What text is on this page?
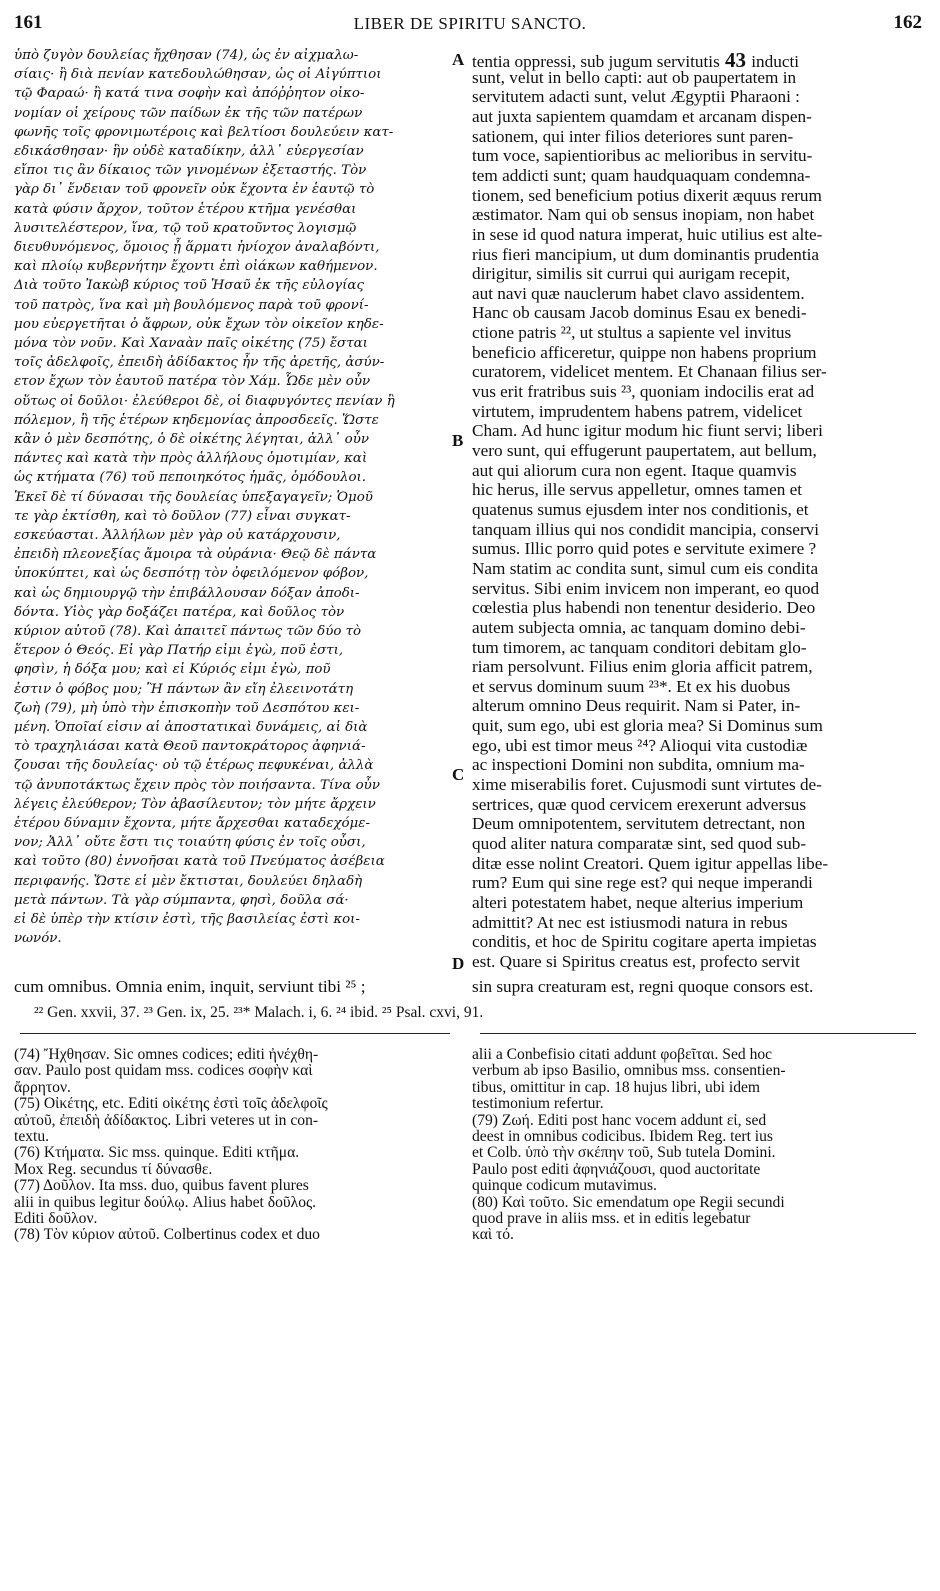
161	LIBER DE SPIRITU SANCTO.	162
ὑπὸ ζυγὸν δουλείας ἤχθησαν (74), ὡς ἐν αἰχμαλω-
σίαις· ἢ διὰ πενίαν κατεδουλώθησαν, ὡς οἱ Αἰγύπτιοι
τῷ Φαραώ· ἢ κατά τινα σοφὴν καὶ ἀπόῤῥητον οἰκο-
νομίαν οἱ χείρους τῶν παίδων ἐκ τῆς τῶν πατέρων
φωνῆς τοῖς φρονιμωτέροις καὶ βελτίοσι δουλεύειν κατ-
εδικάσθησαν· ἣν οὐδὲ καταδίκην, ἀλλ᾽ εὐεργεσίαν
εἴποι τις ἂν δίκαιος τῶν γινομένων ἐξεταστής. Τὸν
γὰρ δι᾽ ἔνδειαν τοῦ φρονεῖν οὐκ ἔχοντα ἐν ἑαυτῷ τὸ
κατὰ φύσιν ἄρχον, τοῦτον ἑτέρου κτῆμα γενέσθαι
λυσιτελέστερον, ἵνα, τῷ τοῦ κρατοῦντος λογισμῷ
διευθυνόμενος, ὅμοιος ᾖ ἅρματι ἡνίοχον ἀναλαβόντι,
καὶ πλοίῳ κυβερνήτην ἔχοντι ἐπὶ οἰάκων καθήμενον.
Διὰ τοῦτο Ἰακὼβ κύριος τοῦ Ἡσαῦ ἐκ τῆς εὐλογίας
τοῦ πατρὸς, ἵνα καὶ μὴ βουλόμενος παρὰ τοῦ φρονί-
μου εὐεργετῆται ὁ ἄφρων, οὐκ ἔχων τὸν οἰκεῖον κηδε-
μόνα τὸν νοῦν. Καὶ Χαναὰν παῖς οἰκέτης (75) ἔσται
τοῖς ἀδελφοῖς, ἐπειδὴ ἀδίδακτος ἦν τῆς ἀρετῆς, ἀσύν-
ετον ἔχων τὸν ἑαυτοῦ πατέρα τὸν Χάμ. Ὧδε μὲν οὖν
οὕτως οἱ δοῦλοι· ἐλεύθεροι δὲ, οἱ διαφυγόντες πενίαν ἢ
πόλεμον, ἢ τῆς ἑτέρων κηδεμονίας ἀπροσδεεῖς. Ὥστε
κἂν ὁ μὲν δεσπότης, ὁ δὲ οἰκέτης λέγηται, ἀλλ᾽ οὖν
πάντες καὶ κατὰ τὴν πρὸς ἀλλήλους ὁμοτιμίαν, καὶ
ὡς κτήματα (76) τοῦ πεποιηκότος ἡμᾶς, ὁμόδουλοι.
Ἐκεῖ δὲ τί δύνασαι τῆς δουλείας ὑπεξαγαγεῖν; Ὁμοῦ
τε γὰρ ἐκτίσθη, καὶ τὸ δοῦλον (77) εἶναι συγκατ-
εσκεύασται. Ἀλλήλων μὲν γὰρ οὐ κατάρχουσιν,
ἐπειδὴ πλεονεξίας ἄμοιρα τὰ οὐράνια· Θεῷ δὲ πάντα
ὑποκύπτει, καὶ ὡς δεσπότῃ τὸν ὀφειλόμενον φόβον,
καὶ ὡς δημιουργῷ τὴν ἐπιβάλλουσαν δόξαν ἀποδι-
δόντα. Υἱὸς γὰρ δοξάζει πατέρα, καὶ δοῦλος τὸν
κύριον αὐτοῦ (78). Καὶ ἀπαιτεῖ πάντως τῶν δύο τὸ
ἕτερον ὁ Θεός. Εἰ γὰρ Πατήρ εἰμι ἐγὼ, ποῦ ἐστι,
φησὶν, ἡ δόξα μου; καὶ εἰ Κύριός εἰμι ἐγὼ, ποῦ
ἐστιν ὁ φόβος μου; Ἢ πάντων ἂν εἴη ἐλεεινοτάτη
ζωὴ (79), μὴ ὑπὸ τὴν ἐπισκοπὴν τοῦ Δεσπότου κει-
μένη. Ὁποῖαί εἰσιν αἱ ἀποστατικαὶ δυνάμεις, αἱ διὰ
τὸ τραχηλιάσαι κατὰ Θεοῦ παντοκράτορος ἀφηνιά-
ζουσαι τῆς δουλείας· οὐ τῷ ἑτέρως πεφυκέναι, ἀλλὰ
τῷ ἀνυποτάκτως ἔχειν πρὸς τὸν ποιήσαντα. Τίνα οὖν
λέγεις ἐλεύθερον; Τὸν ἀβασίλευτον; τὸν μήτε ἄρχειν
ἑτέρου δύναμιν ἔχοντα, μήτε ἄρχεσθαι καταδεχόμε-
νον; Ἀλλ᾽ οὔτε ἔστι τις τοιαύτη φύσις ἐν τοῖς οὖσι,
καὶ τοῦτο (80) ἐννοῆσαι κατὰ τοῦ Πνεύματος ἀσέβεια
περιφανής. Ὥστε εἰ μὲν ἔκτισται, δουλεύει δηλαδὴ
μετὰ πάντων. Τὰ γὰρ σύμπαντα, φησὶ, δοῦλα σά·
εἰ δὲ ὑπὲρ τὴν κτίσιν ἐστὶ, τῆς βασιλείας ἐστὶ κοι-
νωνόν.
tentia oppressi, sub jugum servitutis 43 inducti
sunt, velut in bello capti: aut ob paupertatem in
servitutem adacti sunt, velut Ægyptii Pharaoni :
aut juxta sapientem quamdam et arcanam dispen-
sationem, qui inter filios deteriores sunt paren-
tum voce, sapientioribus ac melioribus in servitu-
tem addicti sunt; quam haudquaquam condemna-
tionem, sed beneficium potius dixerit æquus rerum
æstimator. Nam qui ob sensus inopiam, non habet
in sese id quod natura imperat, huic utilius est alte-
rius fieri mancipium, ut dum dominantis prudentia
dirigitur, similis sit currui qui aurigam recepit,
aut navi quæ nauclerum habet clavo assidentem.
Hanc ob causam Jacob dominus Esau ex benedi-
ctione patris ²², ut stultus a sapiente vel invitus
beneficio afficeretur, quippe non habens proprium
curatorem, videlicet mentem. Et Chanaan filius ser-
vus erit fratribus suis ²³, quoniam indocilis erat ad
virtutem, imprudentem habens patrem, videlicet
Cham. Ad hunc igitur modum hic fiunt servi; liberi
vero sunt, qui effugerunt paupertatem, aut bellum,
aut qui aliorum cura non egent. Itaque quamvis
hic herus, ille servus appelletur, omnes tamen et
quatenus sumus ejusdem inter nos conditionis, et
tanquam illius qui nos condidit mancipia, conservi
sumus. Illic porro quid potes e servitute eximere ?
Nam statim ac condita sunt, simul cum eis condita
servitus. Sibi enim invicem non imperant, eo quod
cœlestia plus habendi non tenentur desiderio. Deo
autem subjecta omnia, ac tanquam domino debi-
tum timorem, ac tanquam conditori debitam glo-
riam persolvunt. Filius enim gloria afficit patrem,
et servus dominum suum ²³*. Et ex his duobus
alterum omnino Deus requirit. Nam si Pater, in-
quit, sum ego, ubi est gloria mea? Si Dominus sum
ego, ubi est timor meus ²⁴? Alioqui vita custodiæ
ac inspectioni Domini non subdita, omnium ma-
xime miserabilis foret. Cujusmodi sunt virtutes de-
sertrices, quæ quod cervicem erexerunt adversus
Deum omnipotentem, servitutem detrectant, non
quod aliter natura comparatæ sint, sed quod sub-
ditæ esse nolint Creatori. Quem igitur appellas libe-
rum? Eum qui sine rege est? qui neque imperandi
alteri potestatem habet, neque alterius imperium
admittit? At nec est istiusmodi natura in rebus
conditis, et hoc de Spiritu cogitare aperta impietas
est. Quare si Spiritus creatus est, profecto servit
A
B
C
D
cum omnibus. Omnia enim, inquit, serviunt tibi ²⁵ ;	sin supra creaturam est, regni quoque consors est.
²² Gen. xxvii, 37. ²³ Gen. ix, 25. ²³* Malach. i, 6. ²⁴ ibid. ²⁵ Psal. cxvi, 91.
(74) Ἤχθησαν. Sic omnes codices; editi ἠνέχθη-
σαν. Paulo post quidam mss. codices σοφὴν καὶ
ἄρρητον.
(75) Οἰκέτης, etc. Editi οἰκέτης ἐστὶ τοῖς ἀδελφοῖς
αὐτοῦ, ἐπειδὴ ἀδίδακτος. Libri veteres ut in con-
textu.
(76) Κτήματα. Sic mss. quinque. Editi κτῆμα.
Mox Reg. secundus τί δύνασθε.
(77) Δοῦλον. Ita mss. duo, quibus favent plures
alii in quibus legitur δούλῳ. Alius habet δοῦλος.
Editi δοῦλον.
(78) Τὸν κύριον αὐτοῦ. Colbertinus codex et duo
alii a Conbefisio citati addunt φοβεῖται. Sed hoc
verbum ab ipso Basilio, omnibus mss. consentien-
tibus, omittitur in cap. 18 hujus libri, ubi idem
testimonium refertur.
(79) Ζωή. Editi post hanc vocem addunt εἰ, sed
deest in omnibus codicibus. Ibidem Reg. tert ius
et Colb. ὑπὸ τὴν σκέπην τοῦ, Sub tutela Domini.
Paulo post editi ἀφηνιάζουσι, quod auctoritate
quinque codicum mutavimus.
(80) Καὶ τοῦτο. Sic emendatum ope Regii secundi
quod prave in aliis mss. et in editis legebatur
καὶ τό.
